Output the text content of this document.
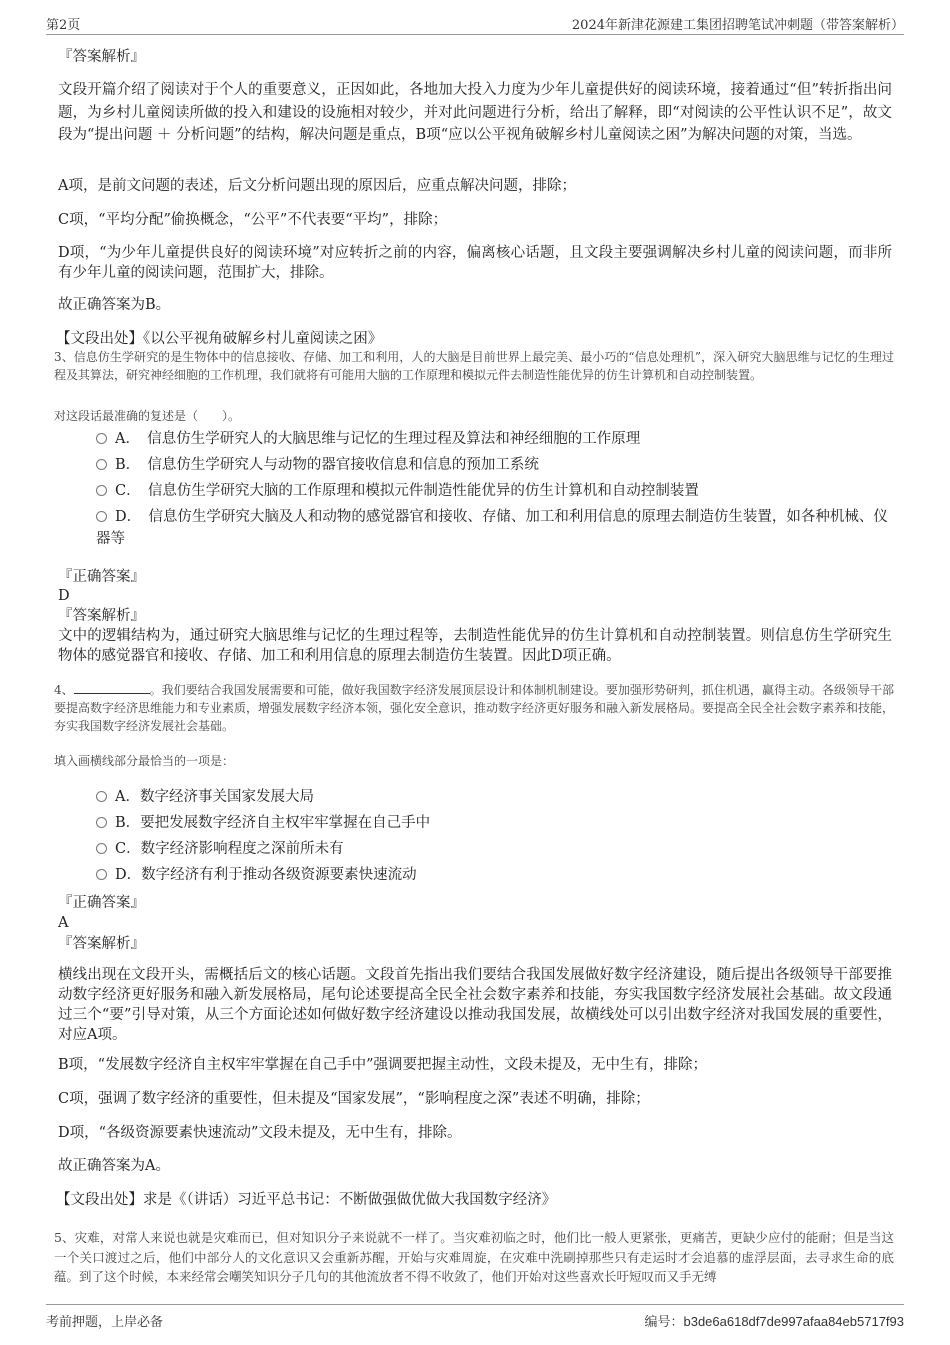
第2页	2024年新津花源建工集团招聘笔试冲刺题（带答案解析）
『答案解析』
文段开篇介绍了阅读对于个人的重要意义，正因如此，各地加大投入力度为少年儿童提供好的阅读环境，接着通过“但”转折指出问题，为乡村儿童阅读所做的投入和建设的设施相对较少，并对此问题进行分析，给出了解释，即“对阅读的公平性认识不足”，故文段为“提出问题 ＋ 分析问题”的结构，解决问题是重点，B项“应以公平视角破解乡村儿童阅读之困”为解决问题的对策，当选。
A项，是前文问题的表述，后文分析问题出现的原因后，应重点解决问题，排除；
C项，“平均分配”偷换概念，“公平”不代表要“平均”，排除；
D项，“为少年儿童提供良好的阅读环境”对应转折之前的内容，偏离核心话题，且文段主要强调解决乡村儿童的阅读问题，而非所有少年儿童的阅读问题，范围扩大，排除。
故正确答案为B。
【文段出处】《以公平视角破解乡村儿童阅读之困》
3、信息仿生学研究的是生物体中的信息接收、存储、加工和利用，人的大脑是目前世界上最完美、最小巧的“信息处理机”，深入研究大脑思维与记忆的生理过程及其算法，研究神经细胞的工作机理，我们就将有可能用大脑的工作原理和模拟元件去制造性能优异的仿生计算机和自动控制装置。
对这段话最准确的复述是（　　）。
A．　信息仿生学研究人的大脑思维与记忆的生理过程及算法和神经细胞的工作原理
B．　信息仿生学研究人与动物的器官接收信息和信息的预加工系统
C．　信息仿生学研究大脑的工作原理和模拟元件制造性能优异的仿生计算机和自动控制装置
D．　信息仿生学研究大脑及人和动物的感觉器官和接收、存储、加工和利用信息的原理去制造仿生装置，如各种机械、仪器等
『正确答案』
D
『答案解析』
文中的逻辑结构为，通过研究大脑思维与记忆的生理过程等，去制造性能优异的仿生计算机和自动控制装置。则信息仿生学研究生物体的感觉器官和接收、存储、加工和利用信息的原理去制造仿生装置。因此D项正确。
4、	。我们要结合我国发展需要和可能，做好我国数字经济发展顶层设计和体制机制建设。要加强形势研判，抓住机遇，赢得主动。各级领导干部要提高数字经济思维能力和专业素质，增强发展数字经济本领，强化安全意识，推动数字经济更好服务和融入新发展格局。要提高全民全社会数字素养和技能，夯实我国数字经济发展社会基础。
填入画横线部分最恰当的一项是：
A．数字经济事关国家发展大局
B．要把发展数字经济自主权牢牢掌握在自己手中
C．数字经济影响程度之深前所未有
D．数字经济有利于推动各级资源要素快速流动
『正确答案』
A
『答案解析』
横线出现在文段开头，需概括后文的核心话题。文段首先指出我们要结合我国发展做好数字经济建设，随后提出各级领导干部要推动数字经济更好服务和融入新发展格局，尾句论述要提高全民全社会数字素养和技能，夯实我国数字经济发展社会基础。故文段通过三个“要”引导对策，从三个方面论述如何做好数字经济建设以推动我国发展，故横线处可以引出数字经济对我国发展的重要性，对应A项。
B项，“发展数字经济自主权牢牢掌握在自己手中”强调要把握主动性，文段未提及，无中生有，排除；
C项，强调了数字经济的重要性，但未提及“国家发展”，“影响程度之深”表述不明确，排除；
D项，“各级资源要素快速流动”文段未提及，无中生有，排除。
故正确答案为A。
【文段出处】求是《（讲话）习近平总书记：不断做强做优做大我国数字经济》
5、灾难，对常人来说也就是灾难而已，但对知识分子来说就不一样了。当灾难初临之时，他们比一般人更紧张，更痛苦，更缺少应付的能耐；但是当这一个关口渡过之后，他们中部分人的文化意识又会重新苏醒，开始与灾难周旋，在灾难中洗刷掉那些只有走运时才会追慕的虚浮层面，去寻求生命的底蕴。到了这个时候，本来经常会嘲笑知识分子几句的其他流放者不得不收敛了，他们开始对这些喜欢长吁短叹而又手无缚
考前押题，上岸必备	编号：b3de6a618df7de997afaa84eb5717f93
